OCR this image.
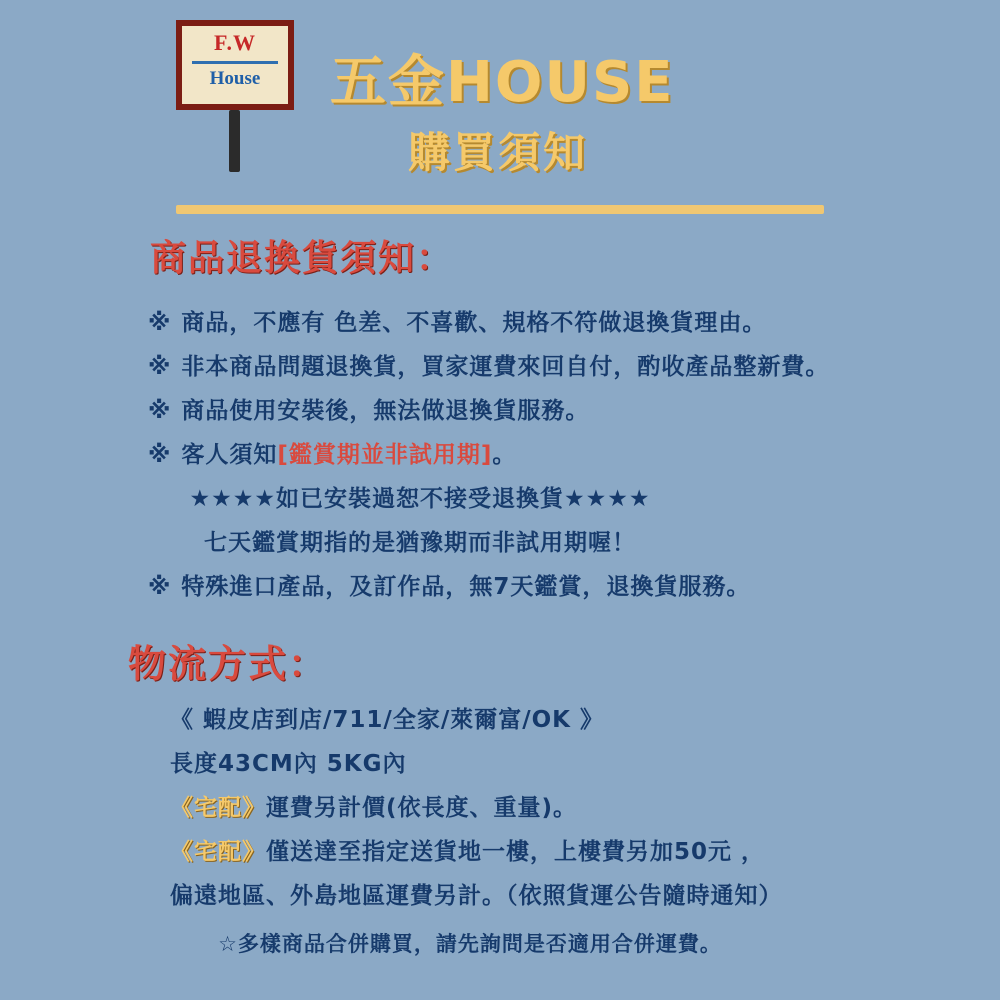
F.W
House	五金HOUSE
購買須知
商品退換貨須知：
※ 商品，不應有 色差、不喜歡、規格不符做退換貨理由。
※ 非本商品問題退換貨，買家運費來回自付，酌收產品整新費。
※ 商品使用安裝後，無法做退換貨服務。
※ 客人須知[鑑賞期並非試用期]。
★★★★如已安裝過恕不接受退換貨★★★★
七天鑑賞期指的是猶豫期而非試用期喔！
※ 特殊進口產品，及訂作品，無7天鑑賞，退換貨服務。
物流方式：
《 蝦皮店到店/711/全家/萊爾富/OK 》
長度43CM內 5KG內
《宅配》運費另計價(依長度、重量)。
《宅配》僅送達至指定送貨地一樓，上樓費另加50元 ，
偏遠地區、外島地區運費另計。（依照貨運公告隨時通知）
☆多樣商品合併購買，請先詢問是否適用合併運費。
